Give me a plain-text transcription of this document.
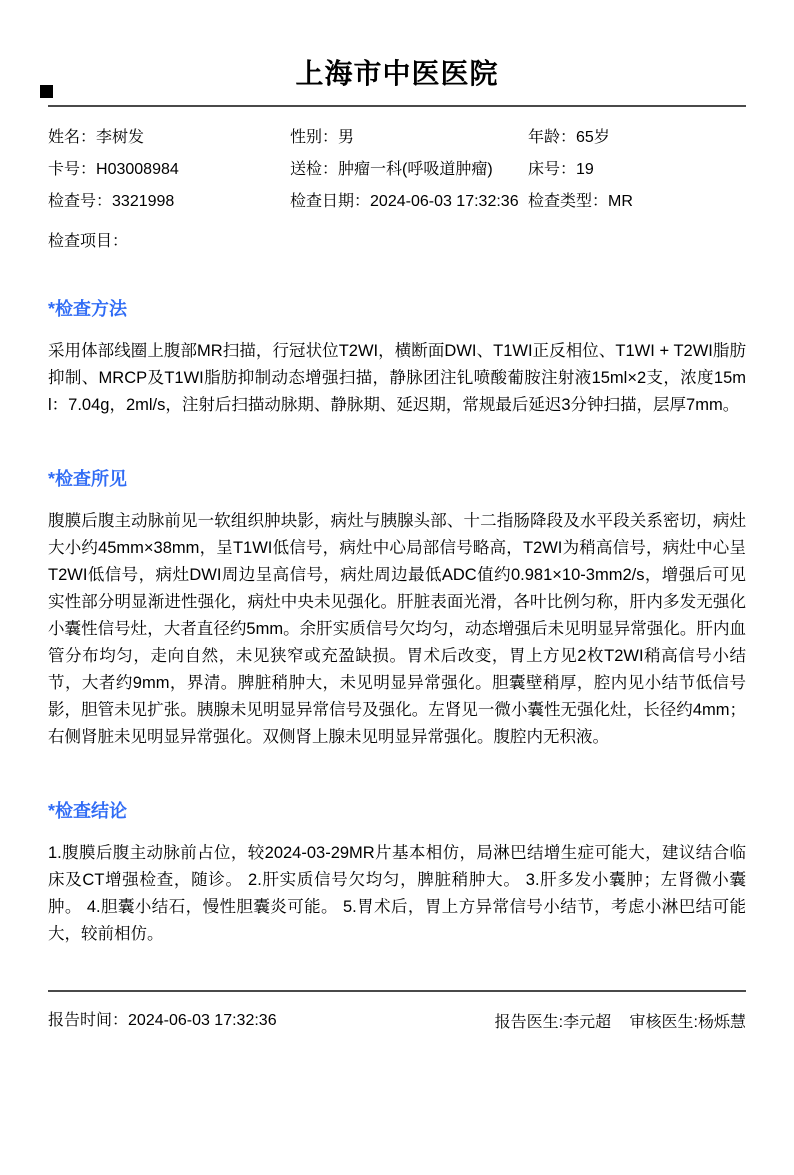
上海市中医医院
姓名：李树发	性别：男	年龄：65岁
卡号：H03008984	送检：肿瘤一科(呼吸道肿瘤)	床号：19
检查号：3321998	检查日期：2024-06-03 17:32:36 检查类型：MR
检查项目：
*检查方法
采用体部线圈上腹部MR扫描，行冠状位T2WI，横断面DWI、T1WI正反相位、T1WI + T2WI脂肪抑制、MRCP及T1WI脂肪抑制动态增强扫描，静脉团注钆喷酸葡胺注射液15ml×2支，浓度15ml：7.04g，2ml/s，注射后扫描动脉期、静脉期、延迟期，常规最后延迟3分钟扫描，层厚7mm。
*检查所见
腹膜后腹主动脉前见一软组织肿块影，病灶与胰腺头部、十二指肠降段及水平段关系密切，病灶大小约45mm×38mm，呈T1WI低信号，病灶中心局部信号略高，T2WI为稍高信号，病灶中心呈T2WI低信号，病灶DWI周边呈高信号，病灶周边最低ADC值约0.981×10-3mm2/s，增强后可见实性部分明显渐进性强化，病灶中央未见强化。肝脏表面光滑，各叶比例匀称，肝内多发无强化小囊性信号灶，大者直径约5mm。余肝实质信号欠均匀，动态增强后未见明显异常强化。肝内血管分布均匀，走向自然，未见狭窄或充盈缺损。胃术后改变，胃上方见2枚T2WI稍高信号小结节，大者约9mm，界清。脾脏稍肿大，未见明显异常强化。胆囊壁稍厚，腔内见小结节低信号影，胆管未见扩张。胰腺未见明显异常信号及强化。左肾见一微小囊性无强化灶，长径约4mm；右侧肾脏未见明显异常强化。双侧肾上腺未见明显异常强化。腹腔内无积液。
*检查结论
1.腹膜后腹主动脉前占位，较2024-03-29MR片基本相仿，局淋巴结增生症可能大，建议结合临床及CT增强检查，随诊。 2.肝实质信号欠均匀，脾脏稍肿大。 3.肝多发小囊肿；左肾微小囊肿。 4.胆囊小结石，慢性胆囊炎可能。 5.胃术后，胃上方异常信号小结节，考虑小淋巴结可能大，较前相仿。
报告时间：2024-06-03 17:32:36	报告医生:李元超 审核医生:杨烁慧
